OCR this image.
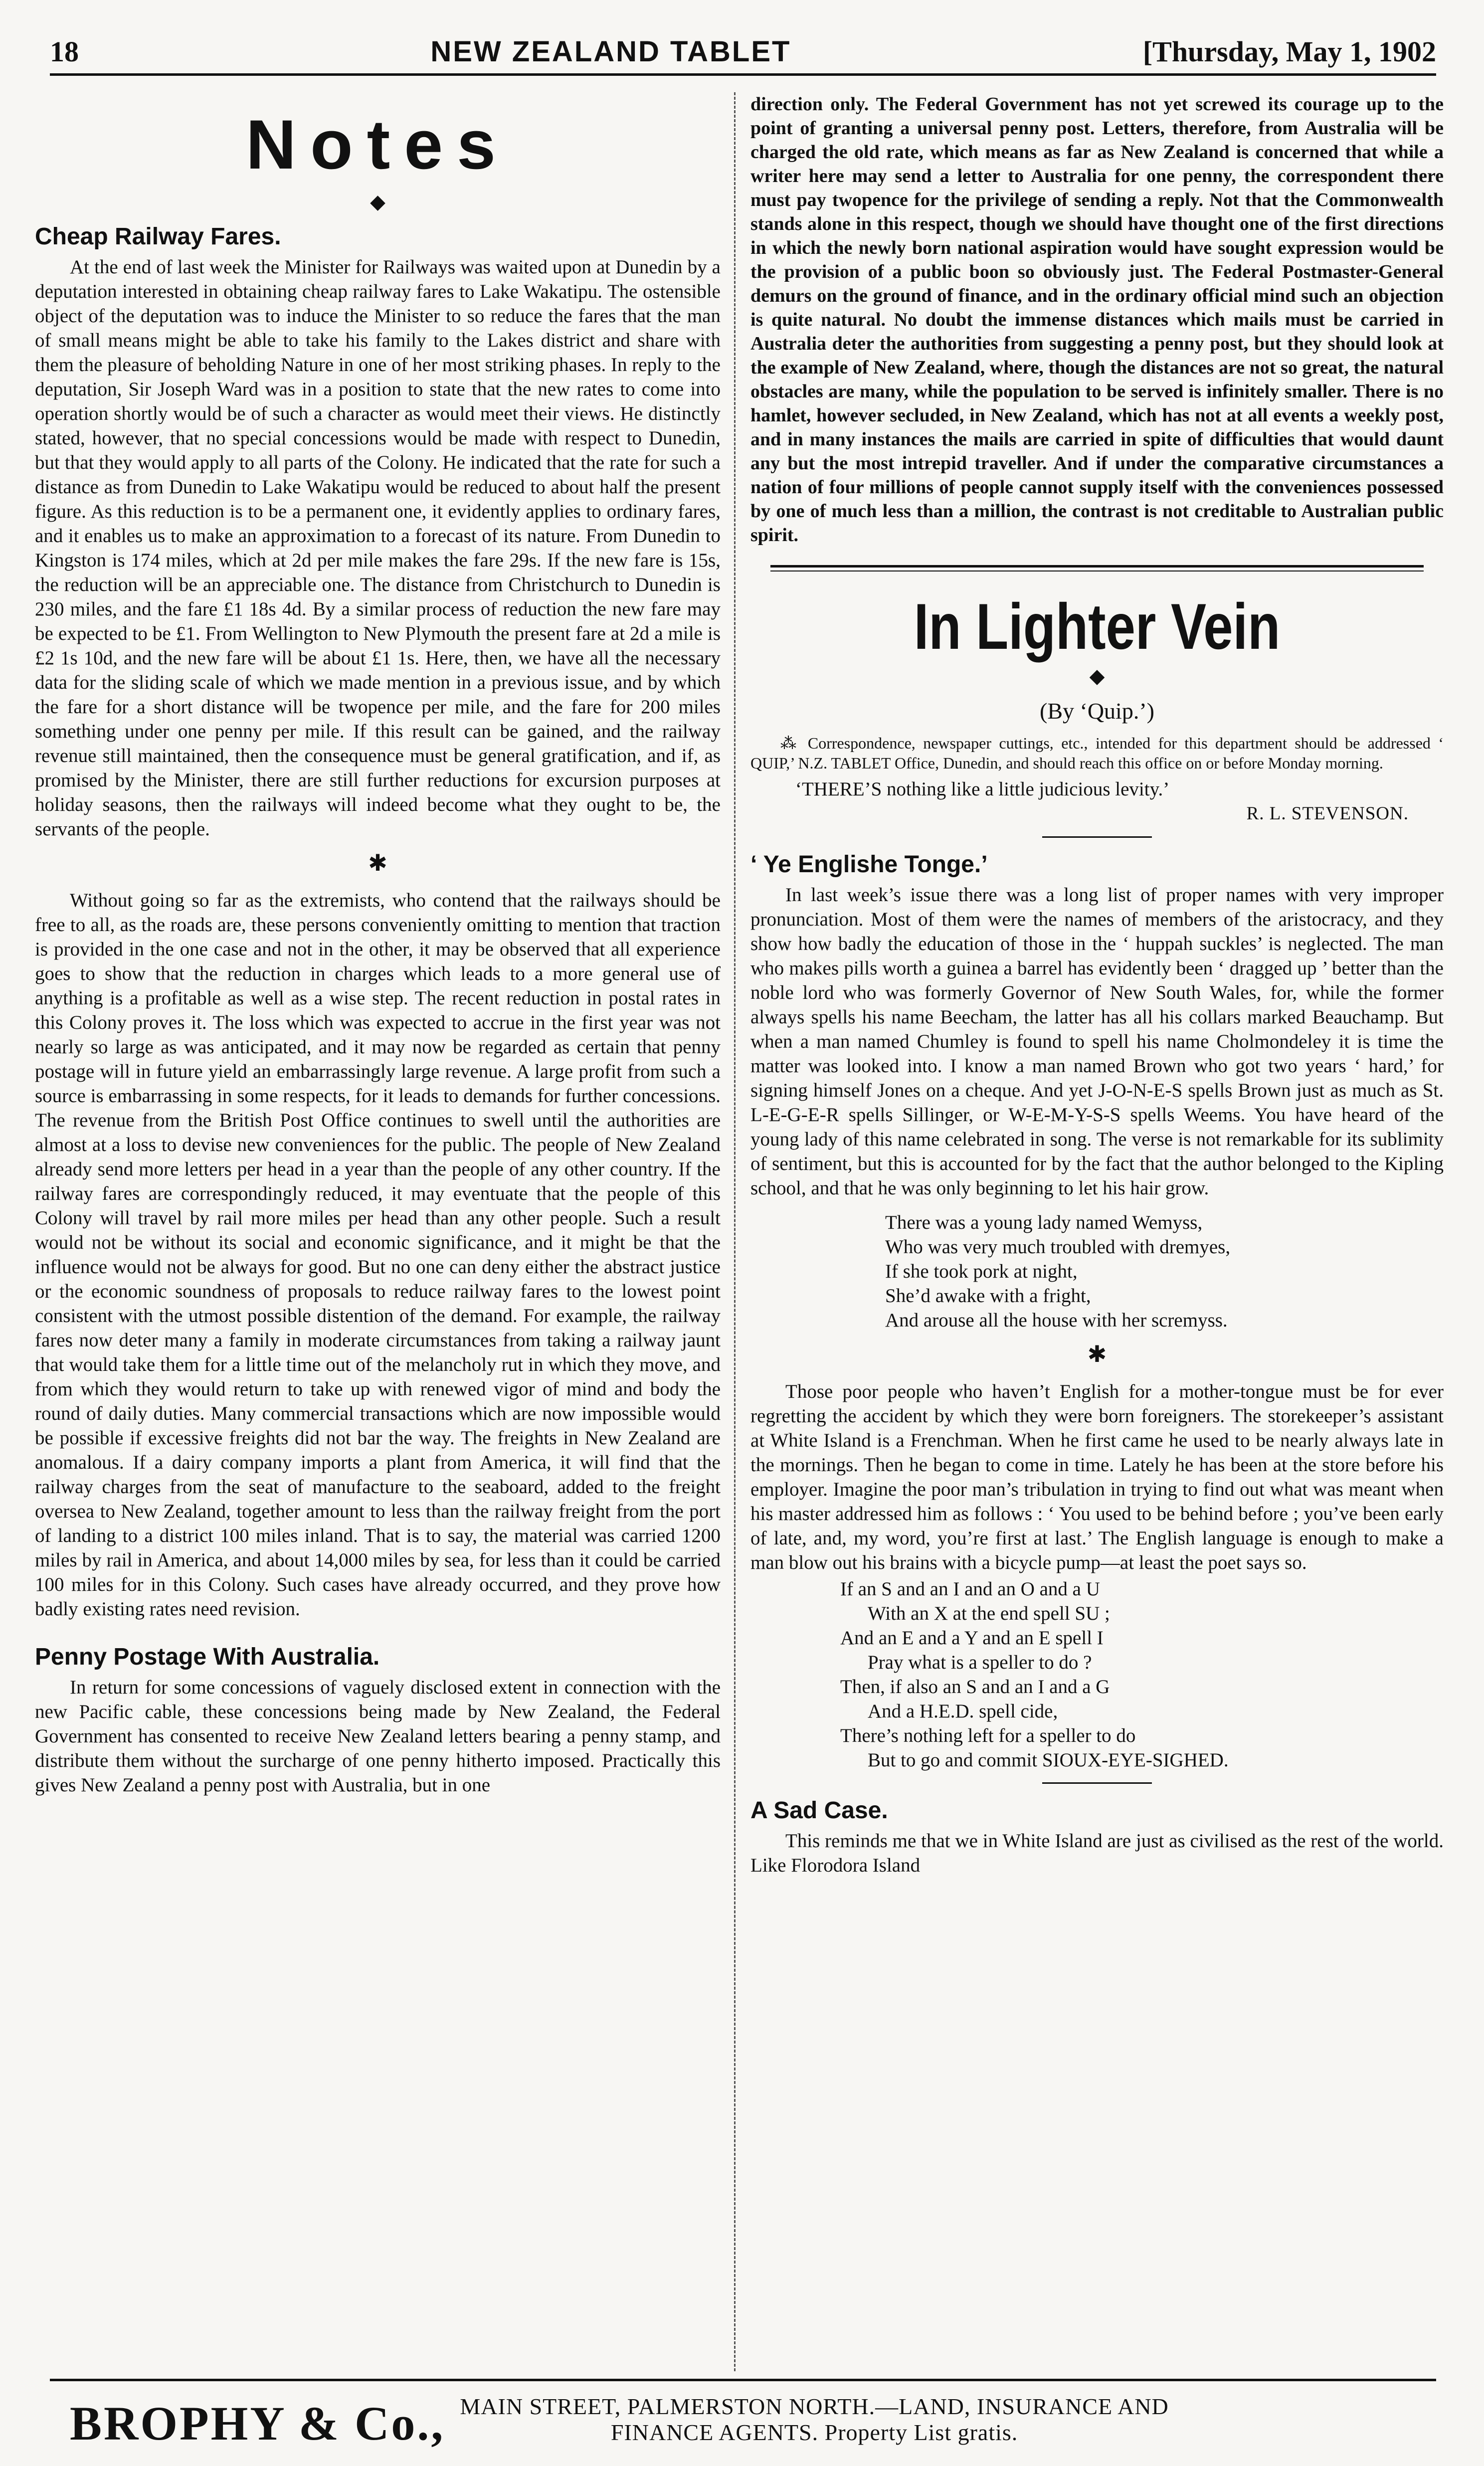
18	NEW ZEALAND TABLET	[Thursday, May 1, 1902
Notes
◆
Cheap Railway Fares.

At the end of last week the Minister for Railways was waited upon at Dunedin by a deputation interested in obtaining cheap railway fares to Lake Wakatipu. The ostensible object of the deputation was to induce the Minister to so reduce the fares that the man of small means might be able to take his family to the Lakes district and share with them the pleasure of beholding Nature in one of her most striking phases. In reply to the deputation, Sir Joseph Ward was in a position to state that the new rates to come into operation shortly would be of such a character as would meet their views. He distinctly stated, however, that no special concessions would be made with respect to Dunedin, but that they would apply to all parts of the Colony. He indicated that the rate for such a distance as from Dunedin to Lake Wakatipu would be reduced to about half the present figure. As this reduction is to be a permanent one, it evidently applies to ordinary fares, and it enables us to make an approximation to a forecast of its nature. From Dunedin to Kingston is 174 miles, which at 2d per mile makes the fare 29s. If the new fare is 15s, the reduction will be an appreciable one. The distance from Christchurch to Dunedin is 230 miles, and the fare £1 18s 4d. By a similar process of reduction the new fare may be expected to be £1. From Wellington to New Plymouth the present fare at 2d a mile is £2 1s 10d, and the new fare will be about £1 1s. Here, then, we have all the necessary data for the sliding scale of which we made mention in a previous issue, and by which the fare for a short distance will be twopence per mile, and the fare for 200 miles something under one penny per mile. If this result can be gained, and the railway revenue still maintained, then the consequence must be general gratification, and if, as promised by the Minister, there are still further reductions for excursion purposes at holiday seasons, then the railways will indeed become what they ought to be, the servants of the people.

✱

Without going so far as the extremists, who contend that the railways should be free to all, as the roads are, these persons conveniently omitting to mention that traction is provided in the one case and not in the other, it may be observed that all experience goes to show that the reduction in charges which leads to a more general use of anything is a profitable as well as a wise step. The recent reduction in postal rates in this Colony proves it. The loss which was expected to accrue in the first year was not nearly so large as was anticipated, and it may now be regarded as certain that penny postage will in future yield an embarrassingly large revenue. A large profit from such a source is embarrassing in some respects, for it leads to demands for further concessions. The revenue from the British Post Office continues to swell until the authorities are almost at a loss to devise new conveniences for the public. The people of New Zealand already send more letters per head in a year than the people of any other country. If the railway fares are correspondingly reduced, it may eventuate that the people of this Colony will travel by rail more miles per head than any other people. Such a result would not be without its social and economic significance, and it might be that the influence would not be always for good. But no one can deny either the abstract justice or the economic soundness of proposals to reduce railway fares to the lowest point consistent with the utmost possible distention of the demand. For example, the railway fares now deter many a family in moderate circumstances from taking a railway jaunt that would take them for a little time out of the melancholy rut in which they move, and from which they would return to take up with renewed vigor of mind and body the round of daily duties. Many commercial transactions which are now impossible would be possible if excessive freights did not bar the way. The freights in New Zealand are anomalous. If a dairy company imports a plant from America, it will find that the railway charges from the seat of manufacture to the seaboard, added to the freight oversea to New Zealand, together amount to less than the railway freight from the port of landing to a district 100 miles inland. That is to say, the material was carried 1200 miles by rail in America, and about 14,000 miles by sea, for less than it could be carried 100 miles for in this Colony. Such cases have already occurred, and they prove how badly existing rates need revision.

Penny Postage With Australia.

In return for some concessions of vaguely disclosed extent in connection with the new Pacific cable, these concessions being made by New Zealand, the Federal Government has consented to receive New Zealand letters bearing a penny stamp, and distribute them without the surcharge of one penny hitherto imposed. Practically this gives New Zealand a penny post with Australia, but in one

direction only. The Federal Government has not yet screwed its courage up to the point of granting a universal penny post. Letters, therefore, from Australia will be charged the old rate, which means as far as New Zealand is concerned that while a writer here may send a letter to Australia for one penny, the correspondent there must pay twopence for the privilege of sending a reply. Not that the Commonwealth stands alone in this respect, though we should have thought one of the first directions in which the newly born national aspiration would have sought expression would be the provision of a public boon so obviously just. The Federal Postmaster-General demurs on the ground of finance, and in the ordinary official mind such an objection is quite natural. No doubt the immense distances which mails must be carried in Australia deter the authorities from suggesting a penny post, but they should look at the example of New Zealand, where, though the distances are not so great, the natural obstacles are many, while the population to be served is infinitely smaller. There is no hamlet, however secluded, in New Zealand, which has not at all events a weekly post, and in many instances the mails are carried in spite of difficulties that would daunt any but the most intrepid traveller. And if under the comparative circumstances a nation of four millions of people cannot supply itself with the conveniences possessed by one of much less than a million, the contrast is not creditable to Australian public spirit.

In Lighter Vein
◆
(By ‘Quip.’)

⁂ Correspondence, newspaper cuttings, etc., intended for this department should be addressed ‘ QUIP,’ N.Z. TABLET Office, Dunedin, and should reach this office on or before Monday morning.

‘THERE’S nothing like a little judicious levity.’
R. L. STEVENSON.
‘ Ye Englishe Tonge.’

In last week’s issue there was a long list of proper names with very improper pronunciation. Most of them were the names of members of the aristocracy, and they show how badly the education of those in the ‘ huppah suckles’ is neglected. The man who makes pills worth a guinea a barrel has evidently been ‘ dragged up ’ better than the noble lord who was formerly Governor of New South Wales, for, while the former always spells his name Beecham, the latter has all his collars marked Beauchamp. But when a man named Chumley is found to spell his name Cholmondeley it is time the matter was looked into. I know a man named Brown who got two years ‘ hard,’ for signing himself Jones on a cheque. And yet J-O-N-E-S spells Brown just as much as St. L-E-G-E-R spells Sillinger, or W-E-M-Y-S-S spells Weems. You have heard of the young lady of this name celebrated in song. The verse is not remarkable for its sublimity of sentiment, but this is accounted for by the fact that the author belonged to the Kipling school, and that he was only beginning to let his hair grow.

There was a young lady named Wemyss,
Who was very much troubled with dremyes,
If she took pork at night,
She’d awake with a fright,
And arouse all the house with her scremyss.
✱

Those poor people who haven’t English for a mother-tongue must be for ever regretting the accident by which they were born foreigners. The storekeeper’s assistant at White Island is a Frenchman. When he first came he used to be nearly always late in the mornings. Then he began to come in time. Lately he has been at the store before his employer. Imagine the poor man’s tribulation in trying to find out what was meant when his master addressed him as follows : ‘ You used to be behind before ; you’ve been early of late, and, my word, you’re first at last.’ The English language is enough to make a man blow out his brains with a bicycle pump—at least the poet says so.

If an S and an I and an O and a U
With an X at the end spell SU ;
And an E and a Y and an E spell I
Pray what is a speller to do ?
Then, if also an S and an I and a G
And a H.E.D. spell cide,
There’s nothing left for a speller to do
But to go and commit SIOUX-EYE-SIGHED.
A Sad Case.

This reminds me that we in White Island are just as civilised as the rest of the world. Like Florodora Island

BROPHY & Co., MAIN STREET, PALMERSTON NORTH.—LAND, INSURANCE AND
FINANCE AGENTS. Property List gratis.
